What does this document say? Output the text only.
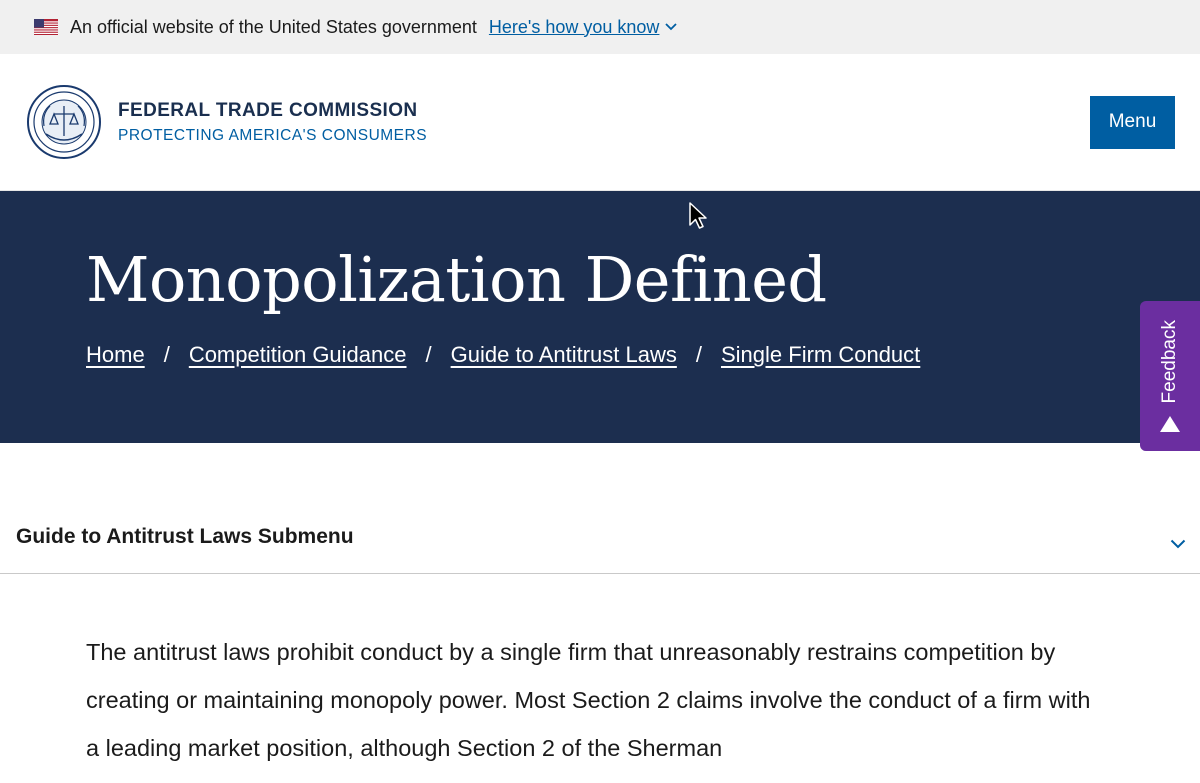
An official website of the United States government Here's how you know
FEDERAL TRADE COMMISSION
PROTECTING AMERICA'S CONSUMERS
Menu
Monopolization Defined
Home / Competition Guidance / Guide to Antitrust Laws / Single Firm Conduct	Feedback
Guide to Antitrust Laws Submenu

The antitrust laws prohibit conduct by a single firm that unreasonably restrains competition by creating or maintaining monopoly power. Most Section 2 claims involve the conduct of a firm with a leading market position, although Section 2 of the Sherman
